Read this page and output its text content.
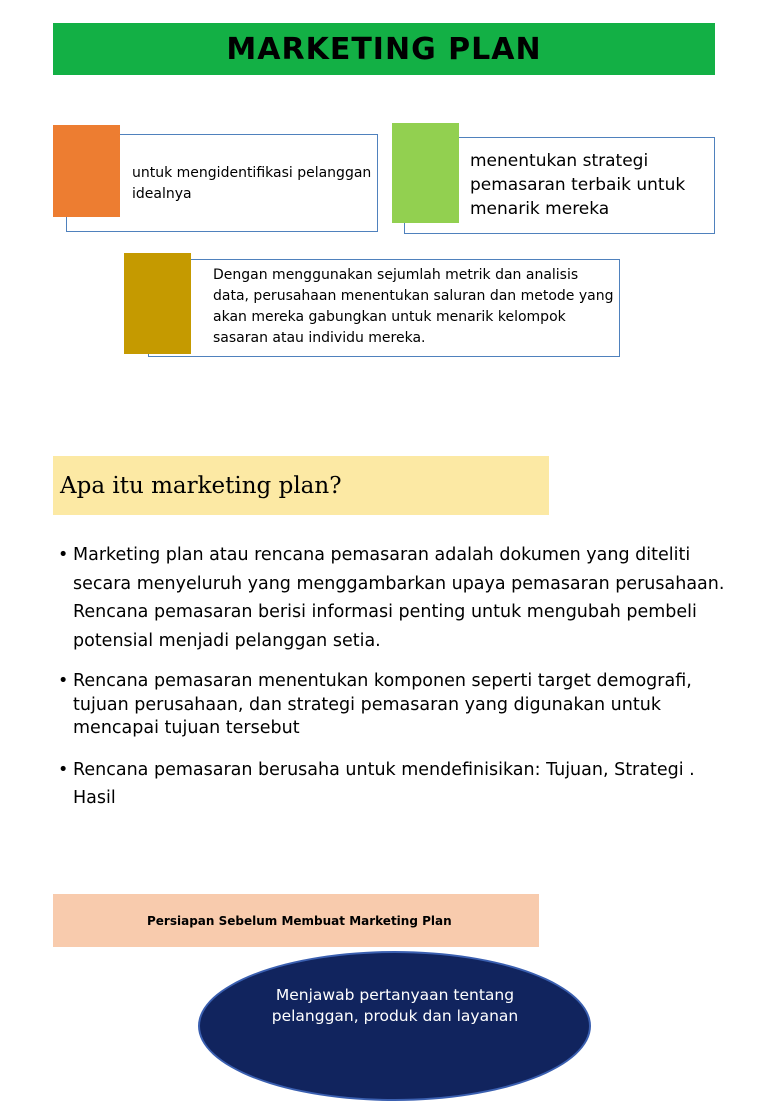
MARKETING PLAN
untuk mengidentifikasi pelanggan idealnya
menentukan strategi pemasaran terbaik untuk menarik mereka
Dengan menggunakan sejumlah metrik dan analisis data, perusahaan menentukan saluran dan metode yang akan mereka gabungkan untuk menarik kelompok sasaran atau individu mereka.
Apa itu marketing plan?
• Marketing plan atau rencana pemasaran adalah dokumen yang diteliti secara menyeluruh yang menggambarkan upaya pemasaran perusahaan. Rencana pemasaran berisi informasi penting untuk mengubah pembeli potensial menjadi pelanggan setia.
• Rencana pemasaran menentukan komponen seperti target demografi, tujuan perusahaan, dan strategi pemasaran yang digunakan untuk mencapai tujuan tersebut
• Rencana pemasaran berusaha untuk mendefinisikan: Tujuan, Strategi . Hasil
Persiapan Sebelum Membuat Marketing Plan
Menjawab pertanyaan tentang pelanggan, produk dan layanan
